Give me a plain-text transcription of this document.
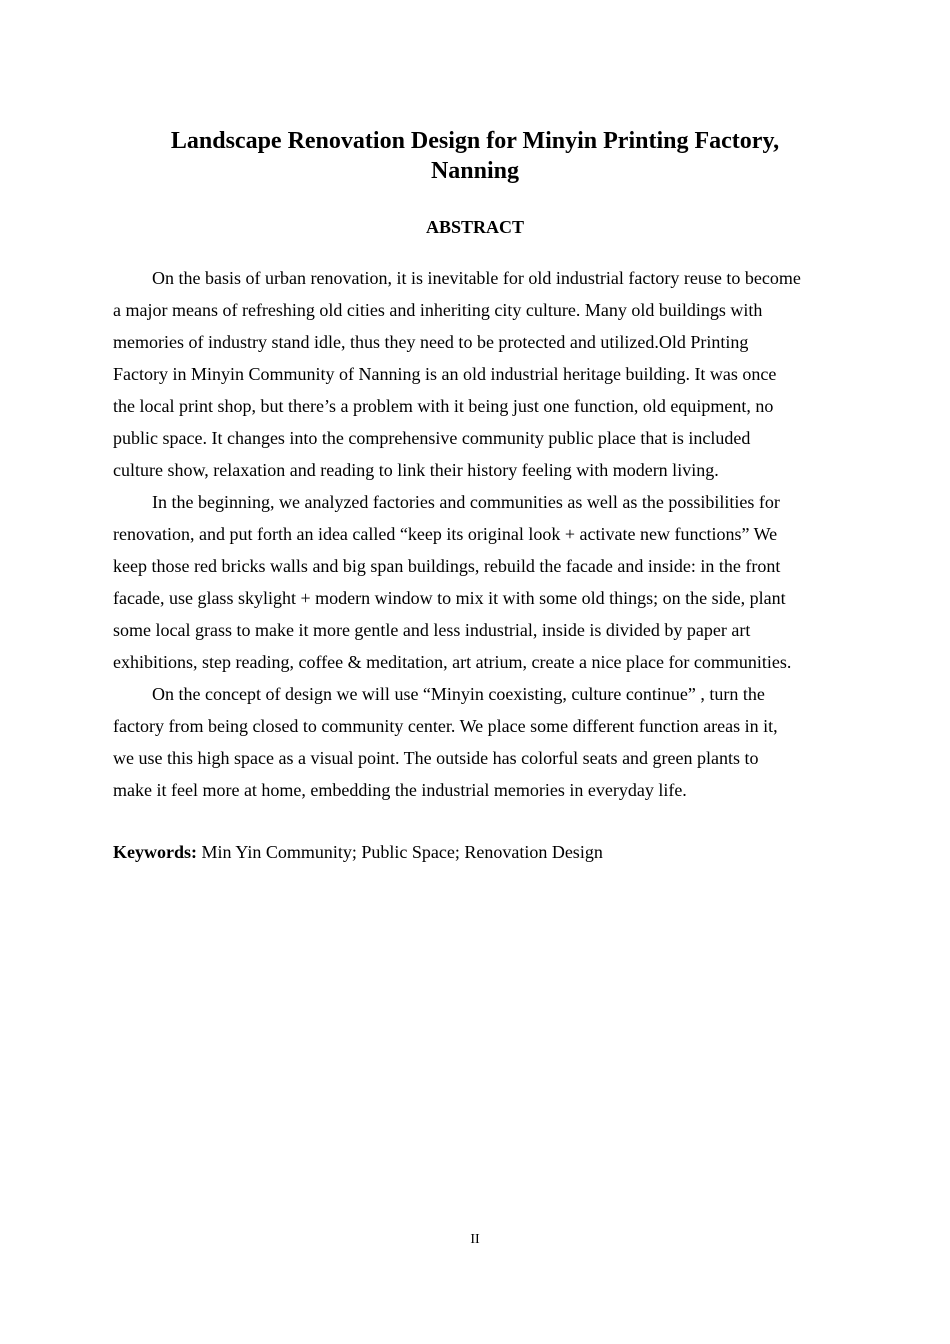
Landscape Renovation Design for Minyin Printing Factory,
Nanning
ABSTRACT
On the basis of urban renovation, it is inevitable for old industrial factory reuse to become
a major means of refreshing old cities and inheriting city culture. Many old buildings with
memories of industry stand idle, thus they need to be protected and utilized.Old Printing
Factory in Minyin Community of Nanning is an old industrial heritage building. It was once
the local print shop, but there’s a problem with it being just one function, old equipment, no
public space. It changes into the comprehensive community public place that is included
culture show, relaxation and reading to link their history feeling with modern living.
In the beginning, we analyzed factories and communities as well as the possibilities for
renovation, and put forth an idea called “keep its original look + activate new functions” We
keep those red bricks walls and big span buildings, rebuild the facade and inside: in the front
facade, use glass skylight + modern window to mix it with some old things; on the side, plant
some local grass to make it more gentle and less industrial, inside is divided by paper art
exhibitions, step reading, coffee & meditation, art atrium, create a nice place for communities.
On the concept of design we will use “Minyin coexisting, culture continue” , turn the
factory from being closed to community center. We place some different function areas in it,
we use this high space as a visual point. The outside has colorful seats and green plants to
make it feel more at home, embedding the industrial memories in everyday life.
Keywords: Min Yin Community; Public Space; Renovation Design
II
